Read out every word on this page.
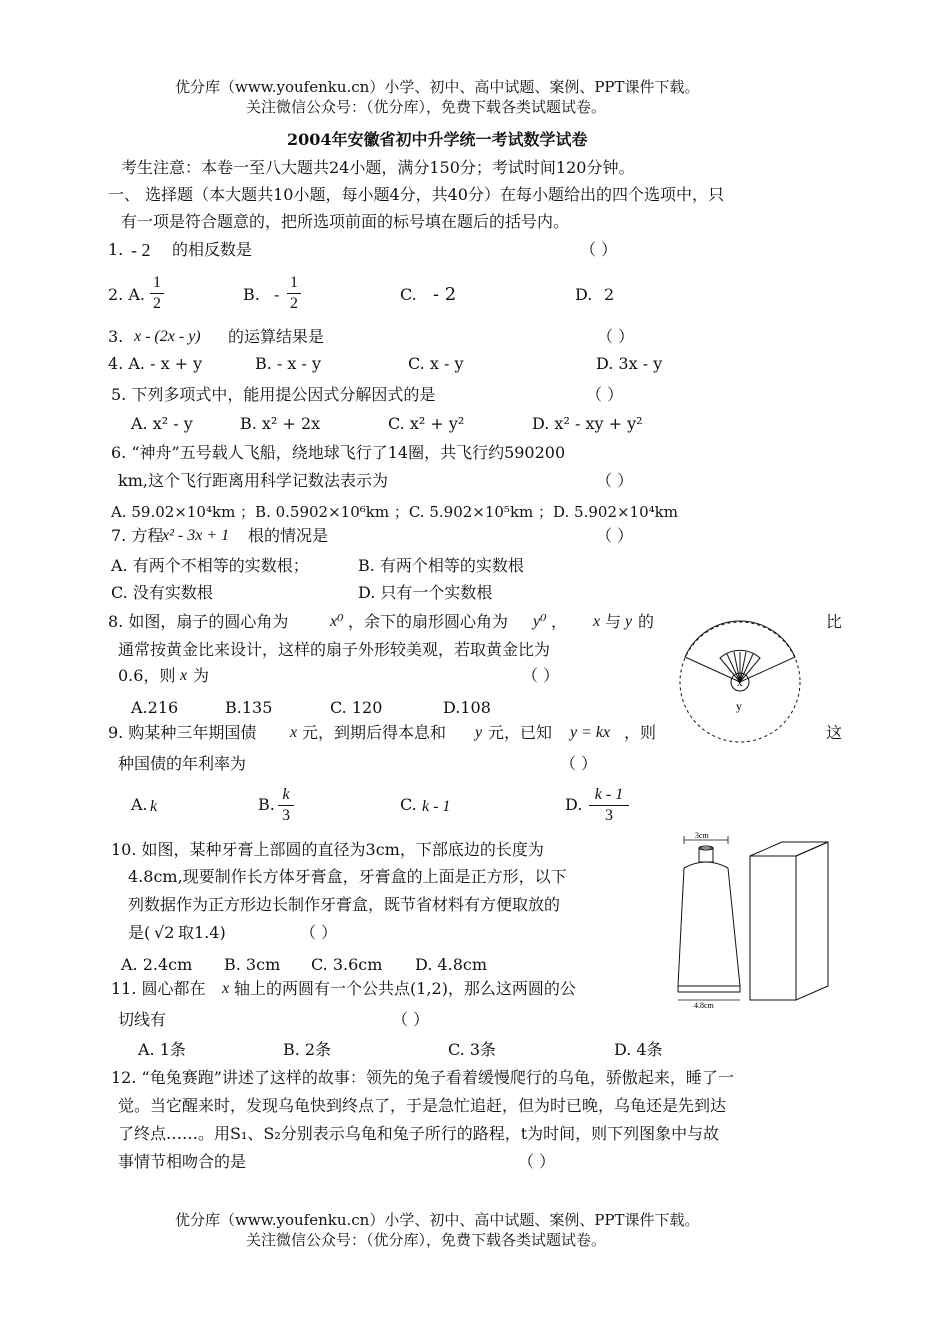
优分库（www.youfenku.cn）小学、初中、高中试题、案例、PPT课件下载。
关注微信公众号：（优分库），免费下载各类试题试卷。
2004年安徽省初中升学统一考试数学试卷
考生注意：本卷一至八大题共24小题，满分150分；考试时间120分钟。
一、 选择题（本大题共10小题，每小题4分，共40分）在每小题给出的四个选项中，只
有一项是符合题意的，把所选项前面的标号填在题后的括号内。
1. - 2 的相反数是	（ ）
2. A.
1
2	B. -
1
2	C. - 2	D. 2
3. x - (2x - y) 的运算结果是	（ ）
4. A. - x + y	B. - x - y	C. x - y	D. 3x - y
5. 下列多项式中，能用提公因式分解因式的是	（ ）
A. x² - y	B. x² + 2x	C. x² + y²	D. x² - xy + y²
6. “神舟”五号载人飞船，绕地球飞行了14圈，共飞行约590200
km,这个飞行距离用科学记数法表示为	（ ）
A. 59.02×10⁴km ；B. 0.5902×10⁶km ；C. 5.902×10⁵km ；D. 5.902×10⁴km
7. 方程
x² - 3x + 1 根的情况是	（ ）
A. 有两个不相等的实数根；	B. 有两个相等的实数根
C. 没有实数根	D. 只有一个实数根
8. 如图，扇子的圆心角为	x⁰ ，余下的扇形圆心角为 y⁰ ， x 与 y 的	比
通常按黄金比来设计，这样的扇子外形较美观，若取黄金比为
0.6，则 x 为	（ ）
A.216	B.135	C. 120	D.108
x
y
9. 购某种三年期国债 x 元，到期后得本息和 y 元，已知 y = kx ，则	这
种国债的年利率为	（ ）
A. k	B.
k
3
C. k - 1	D.
k - 1
3
10. 如图，某种牙膏上部圆的直径为3cm，下部底边的长度为
4.8cm,现要制作长方体牙膏盒，牙膏盒的上面是正方形，以下
列数据作为正方形边长制作牙膏盒，既节省材料有方便取放的
是( √2 取1.4)	（ ）
A. 2.4cm B. 3cm C. 3.6cm D. 4.8cm
3cm
4.8cm
11. 圆心都在 x 轴上的两圆有一个公共点(1,2)，那么这两圆的公
切线有	（ ）
A. 1条	B. 2条	C. 3条	D. 4条
12. “龟兔赛跑”讲述了这样的故事：领先的兔子看着缓慢爬行的乌龟，骄傲起来，睡了一
觉。当它醒来时，发现乌龟快到终点了，于是急忙追赶，但为时已晚，乌龟还是先到达
了终点……。用S₁、S₂分别表示乌龟和兔子所行的路程，t为时间，则下列图象中与故
事情节相吻合的是	（ ）
优分库（www.youfenku.cn）小学、初中、高中试题、案例、PPT课件下载。
关注微信公众号：（优分库），免费下载各类试题试卷。
